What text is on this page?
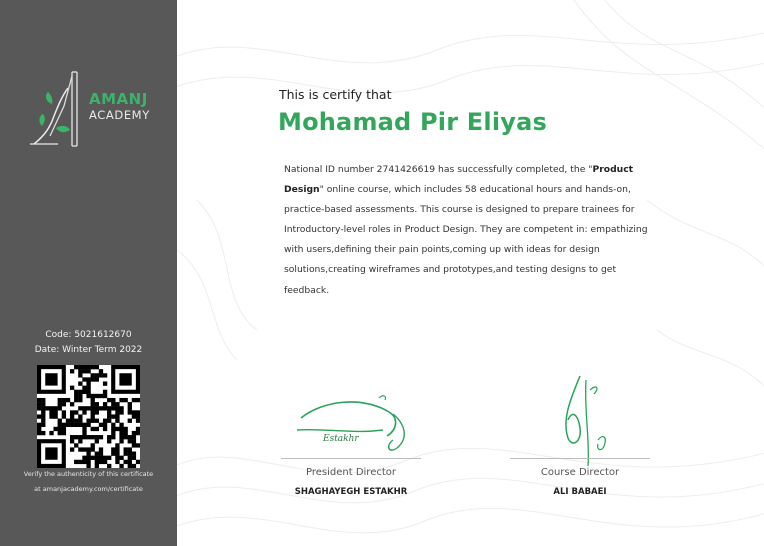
AMANJ
ACADEMY
Code: 5021612670
Date: Winter Term 2022
Verify the authenticity of this certificate
at amanjacademy.com/certificate
This is certify that
Mohamad Pir Eliyas
National ID number 2741426619 has successfully completed, the "Product Design" online course, which includes 58 educational hours and hands-on, practice-based assessments. This course is designed to prepare trainees for Introductory-level roles in Product Design. They are competent in: empathizing with users,defining their pain points,coming up with ideas for design solutions,creating wireframes and prototypes,and testing designs to get feedback.
Estakhr
President Director
SHAGHAYEGH ESTAKHR
Course Director
ALI BABAEI
